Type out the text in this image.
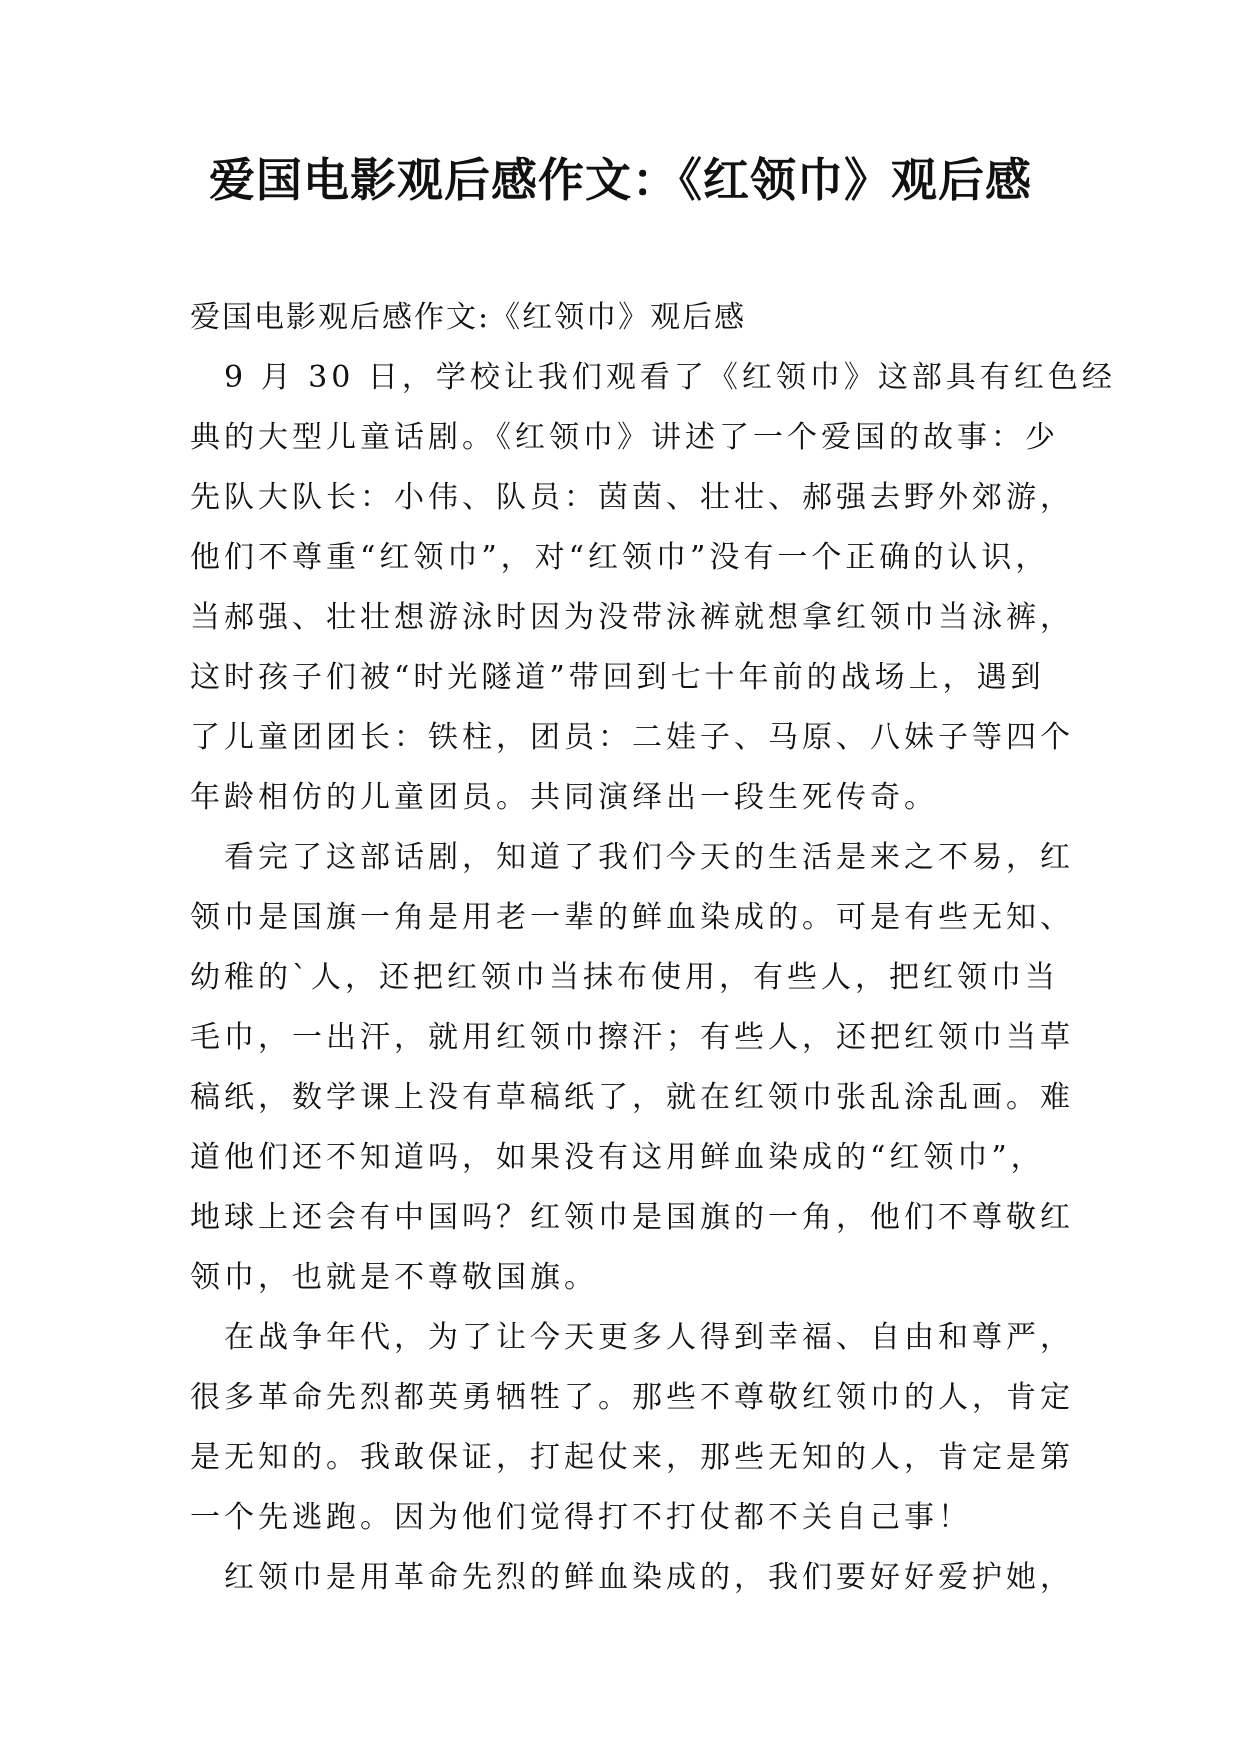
爱国电影观后感作文：《红领巾》观后感
爱国电影观后感作文:《红领巾》观后感
9 月 30 日，学校让我们观看了《红领巾》这部具有红色经
典的大型儿童话剧。《红领巾》讲述了一个爱国的故事：少
先队大队长：小伟、队员：茵茵、壮壮、郝强去野外郊游，
他们不尊重“红领巾”，对“红领巾”没有一个正确的认识，
当郝强、壮壮想游泳时因为没带泳裤就想拿红领巾当泳裤，
这时孩子们被“时光隧道”带回到七十年前的战场上，遇到
了儿童团团长：铁柱，团员：二娃子、马原、八妹子等四个
年龄相仿的儿童团员。共同演绎出一段生死传奇。
看完了这部话剧，知道了我们今天的生活是来之不易，红
领巾是国旗一角是用老一辈的鲜血染成的。可是有些无知、
幼稚的`人，还把红领巾当抹布使用，有些人，把红领巾当
毛巾，一出汗，就用红领巾擦汗；有些人，还把红领巾当草
稿纸，数学课上没有草稿纸了，就在红领巾张乱涂乱画。难
道他们还不知道吗，如果没有这用鲜血染成的“红领巾”，
地球上还会有中国吗？红领巾是国旗的一角，他们不尊敬红
领巾，也就是不尊敬国旗。
在战争年代，为了让今天更多人得到幸福、自由和尊严，
很多革命先烈都英勇牺牲了。那些不尊敬红领巾的人，肯定
是无知的。我敢保证，打起仗来，那些无知的人，肯定是第
一个先逃跑。因为他们觉得打不打仗都不关自己事！
红领巾是用革命先烈的鲜血染成的，我们要好好爱护她，
